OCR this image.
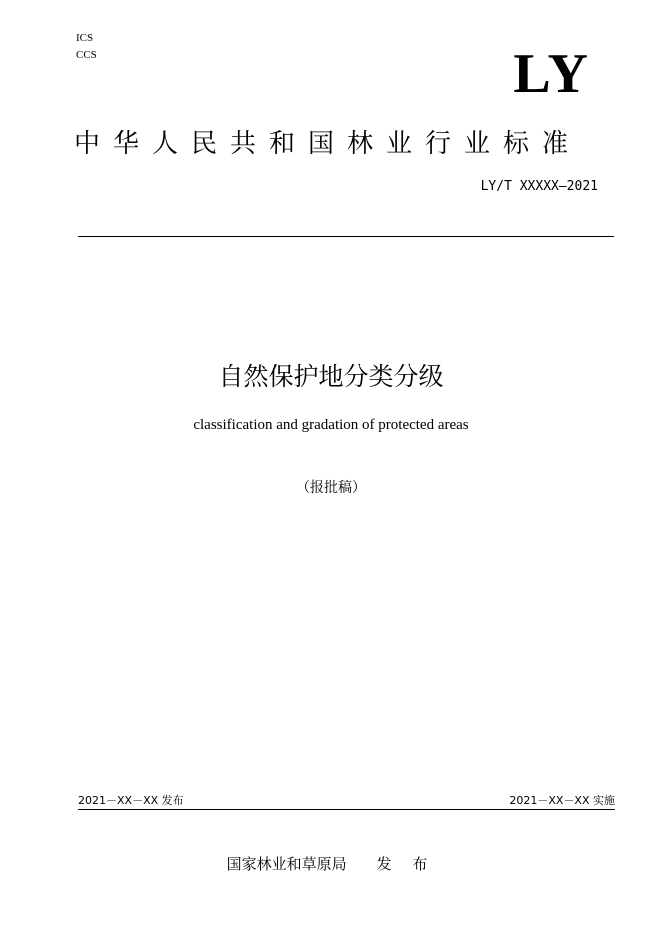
ICS
CCS	LY
中华人民共和国林业行业标准
LY/T XXXXX—2021
自然保护地分类分级
classification and gradation of protected areas
（报批稿）
2021－XX－XX 发布	2021－XX－XX 实施
国家林业和草原局 发 布
